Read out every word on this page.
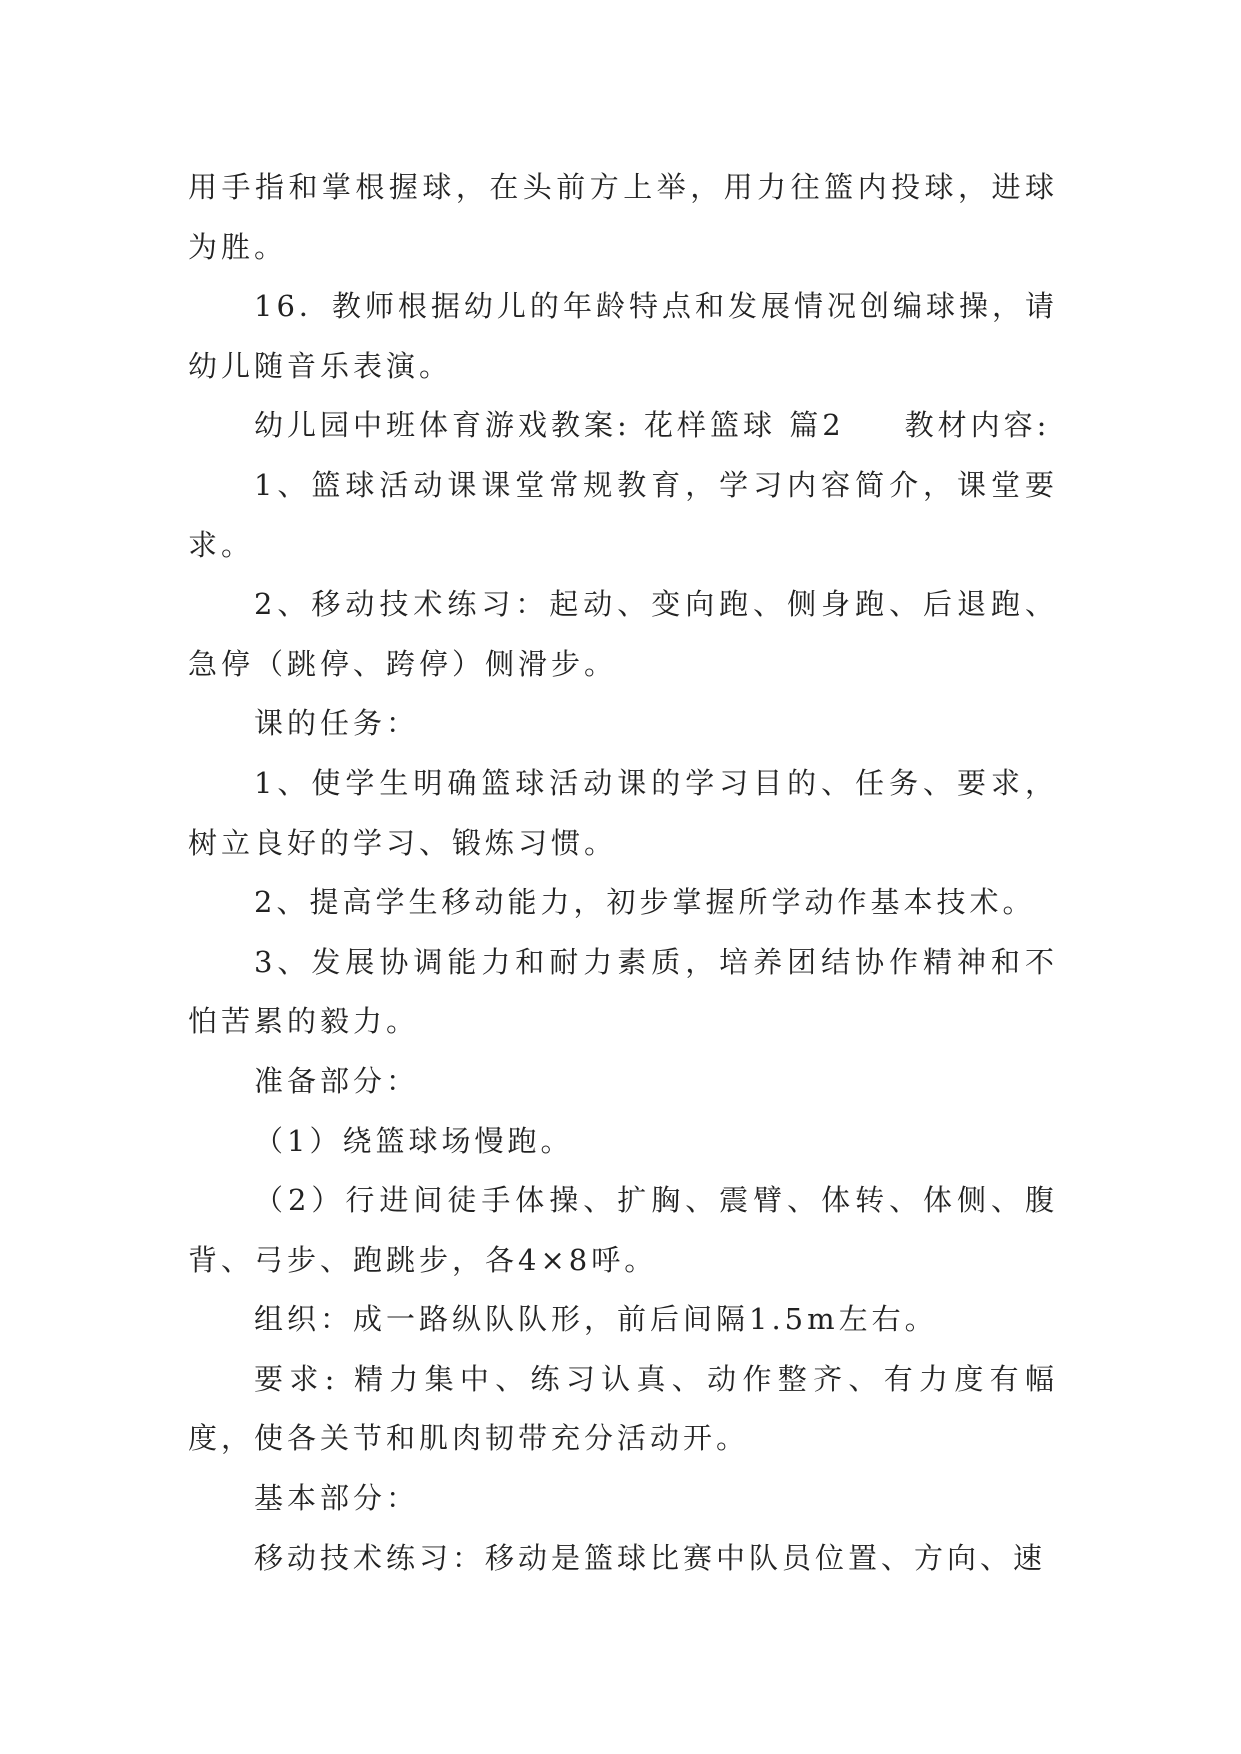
用手指和掌根握球，在头前方上举，用力往篮内投球，进球为胜。

16．教师根据幼儿的年龄特点和发展情况创编球操，请幼儿随音乐表演。

幼儿园中班体育游戏教案: 花样篮球 篇2 教材内容:

1、篮球活动课课堂常规教育，学习内容简介，课堂要求。

2、移动技术练习：起动、变向跑、侧身跑、后退跑、急停（跳停、跨停）侧滑步。

课的任务：

1、使学生明确篮球活动课的学习目的、任务、要求，树立良好的学习、锻炼习惯。

2、提高学生移动能力，初步掌握所学动作基本技术。

3、发展协调能力和耐力素质，培养团结协作精神和不怕苦累的毅力。

准备部分：

（1）绕篮球场慢跑。

（2）行进间徒手体操、扩胸、震臂、体转、体侧、腹背、弓步、跑跳步，各4×8呼。

组织：成一路纵队队形，前后间隔1.5m左右。

要求: 精力集中、练习认真、动作整齐、有力度有幅度，使各关节和肌肉韧带充分活动开。

基本部分：

移动技术练习：移动是篮球比赛中队员位置、方向、速
